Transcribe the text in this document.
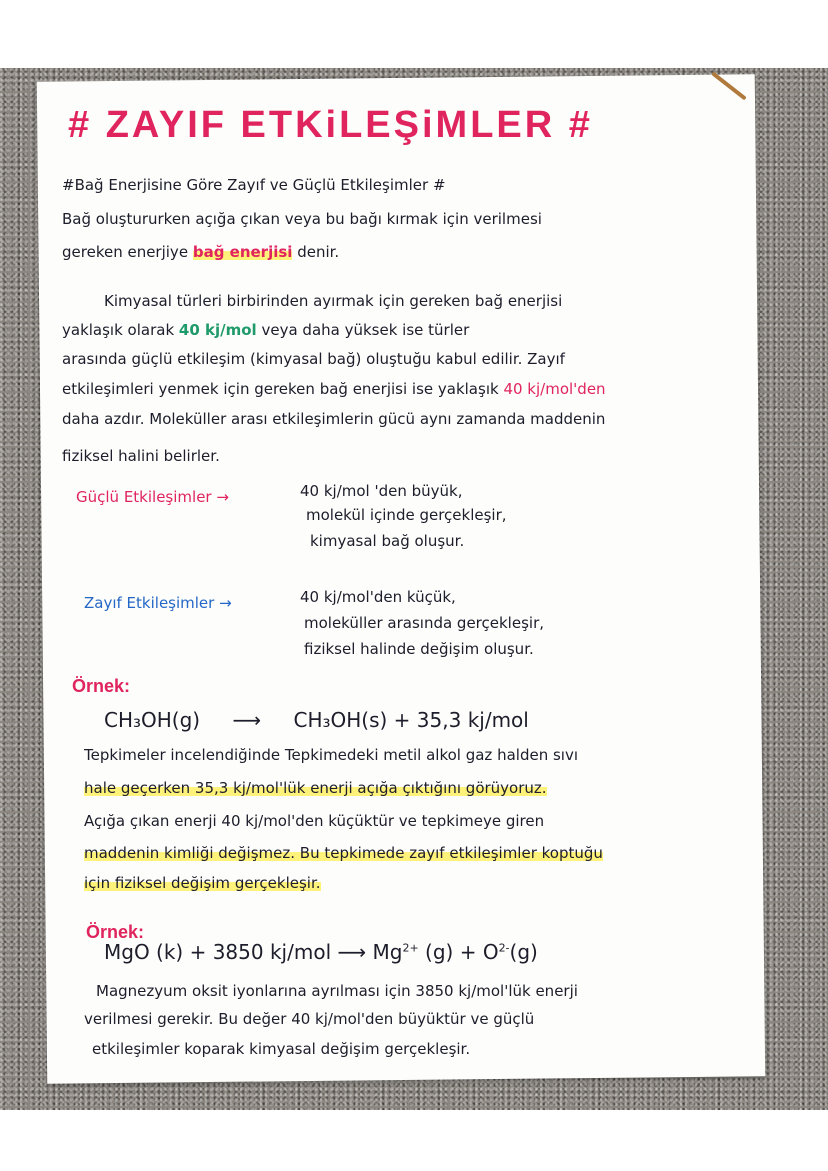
# ZAYIF ETKiLEŞiMLER #
#Bağ Enerjisine Göre Zayıf ve Güçlü Etkileşimler #
Bağ oluştururken açığa çıkan veya bu bağı kırmak için verilmesi
gereken enerjiye bağ enerjisi denir.
Kimyasal türleri birbirinden ayırmak için gereken bağ enerjisi
yaklaşık olarak 40 kj/mol veya daha yüksek ise türler
arasında güçlü etkileşim (kimyasal bağ) oluştuğu kabul edilir. Zayıf
etkileşimleri yenmek için gereken bağ enerjisi ise yaklaşık 40 kj/mol'den
daha azdır. Moleküller arası etkileşimlerin gücü aynı zamanda maddenin
fiziksel halini belirler.
Güçlü Etkileşimler →	40 kj/mol 'den büyük,
molekül içinde gerçekleşir,
kimyasal bağ oluşur.
Zayıf Etkileşimler →	40 kj/mol'den küçük,
moleküller arasında gerçekleşir,
fiziksel halinde değişim oluşur.
Örnek:
CH₃OH(g) ⟶ CH₃OH(s) + 35,3 kj/mol
Tepkimeler incelendiğinde Tepkimedeki metil alkol gaz halden sıvı
hale geçerken 35,3 kj/mol'lük enerji açığa çıktığını görüyoruz.
Açığa çıkan enerji 40 kj/mol'den küçüktür ve tepkimeye giren
maddenin kimliği değişmez. Bu tepkimede zayıf etkileşimler koptuğu
için fiziksel değişim gerçekleşir.
Örnek:
MgO (k) + 3850 kj/mol ⟶ $Mg^{2+}$ $(g) + O^{2-}(g)$
Magnezyum oksit iyonlarına ayrılması için 3850 kj/mol'lük enerji
verilmesi gerekir. Bu değer 40 kj/mol'den büyüktür ve güçlü
etkileşimler koparak kimyasal değişim gerçekleşir.
